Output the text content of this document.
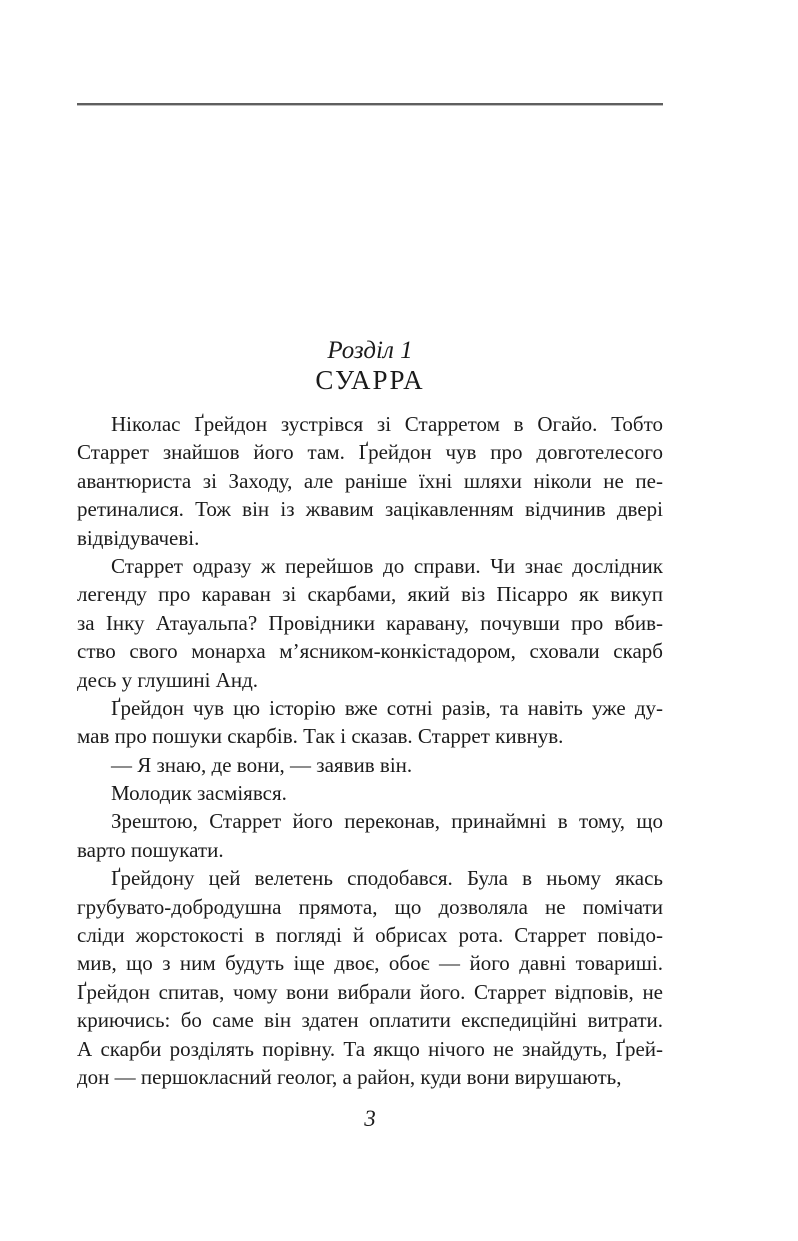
Розділ 1
СУАРРА
Ніколас Ґрейдон зустрівся зі Старретом в Огайо. Тобто
Старрет знайшов його там. Ґрейдон чув про довготелесого
авантюриста зі Заходу, але раніше їхні шляхи ніколи не пе-
ретиналися. Тож він із жвавим зацікавленням відчинив двері
відвідувачеві.
Старрет одразу ж перейшов до справи. Чи знає дослідник
легенду про караван зі скарбами, який віз Пісарро як викуп
за Інку Атауальпа? Провідники каравану, почувши про вбив-
ство свого монарха м’ясником-конкістадором, сховали скарб
десь у глушині Анд.
Ґрейдон чув цю історію вже сотні разів, та навіть уже ду-
мав про пошуки скарбів. Так і сказав. Старрет кивнув.
— Я знаю, де вони, — заявив він.
Молодик засміявся.
Зрештою, Старрет його переконав, принаймні в тому, що
варто пошукати.
Ґрейдону цей велетень сподобався. Була в ньому якась
грубувато-добродушна прямота, що дозволяла не помічати
сліди жорстокості в погляді й обрисах рота. Старрет повідо-
мив, що з ним будуть іще двоє, обоє — його давні товариші.
Ґрейдон спитав, чому вони вибрали його. Старрет відповів, не
криючись: бо саме він здатен оплатити експедиційні витрати.
А скарби розділять порівну. Та якщо нічого не знайдуть, Ґрей-
дон — першокласний геолог, а район, куди вони вирушають,
3
